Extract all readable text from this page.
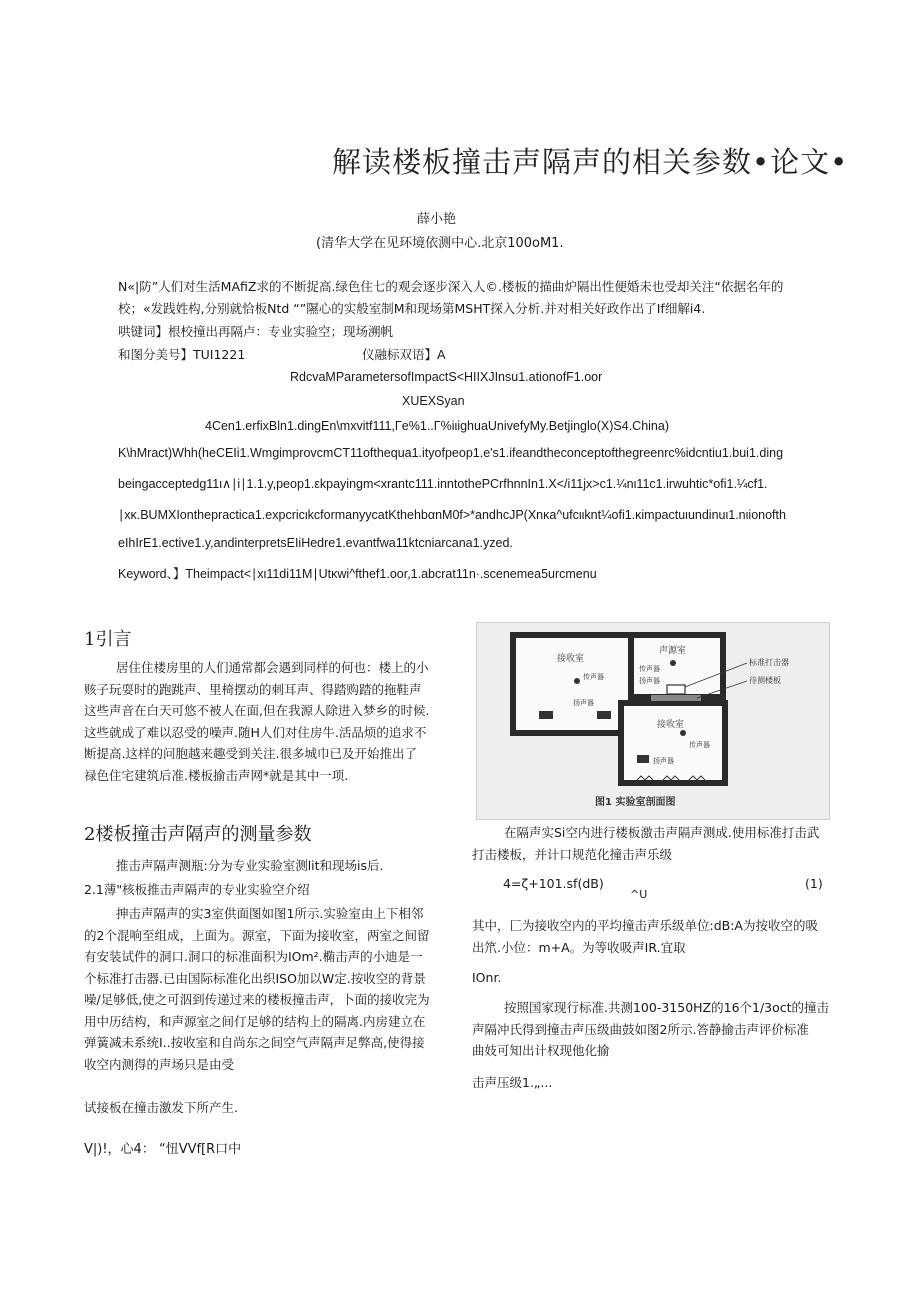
解读楼板撞击声隔声的相关参数•论文•
薛小艳
(清华大学在见环境依测中心.北京100oM1.
N«|防”人们对生活MAfiZ求的不断捉高.绿色住七的观会逐步深入人©.楼板的描曲炉隔出性便婚未也受却关注“依据名年的
校；«发践姓构,分别就恰板Ntd “”隰心的实般室制M和现场第MSHT探入分析.并对相关好政作出了If细解i4.
哄键词】根校撞出再隔卢：专业实验空；现场溯帆
和图分美号】TUI1221	仪融标双语】A
RdcvaMParametersofImpactS<HIIXJInsu1.ationofF1.oor
XUEXSyan
4Cen1.erfixBln1.dingEn\mxvitf111,Γe%1..Γ%iιighuaUnivefyMy.Betjinglo(X)S4.China)
K\hMract)Whh(heCEIi1.WmgimprovcmCT11ofthequa1.ityofpeop1.e's1.ifeandtheconceptofthegreenrc%idcntiu1.bui1.ding
beingacceptedg11ι∧∣i∣1.1.y,peop1.εkpayingm<xrantc111.inntothePCrfhnnIn1.X</i11jx>c1.¼nι11c1.irwuhtic*ofi1.¼cf1.
∣xκ.BUMXIonthepractica1.expcricιkcformanyycatKthehbαnM0f>*andhcJP(Xnκa^ufcιιknt¼ofi1.κimpactuιundinuι1.nιionofth
eIhIrE1.ective1.y,andinterpretsEIiHedre1.evantfwa11ktcniarcana1.yzed.
Keyword、】Theimpact<∣xι11di11M∣Utκwi^fthef1.oor,1.abcrat11n·.scenemea5urcmenu
1引言
居住住楼房里的人们通常都会遇到同样的何也：楼上的小
赅子玩耍时的跑跳声、里椅摆动的刺耳声、得踏购踏的拖鞋声
这些声音在白天可悠不被人在面,但在我源人除进入梦乡的时候.
这些就成了难以忍受的噪声.随H人们对住房牛.活品烦的追求不
断提高.这样的问胞越来趣受到关注.很多城巾已及开始推出了
禄色住宅建筑后准.楼板揄击声网*就是其中一项.
2楼板撞击声隔声的测量参数
推击声隔声测瓶:分为专业实验室测lit和现场is后.
2.1薄"核板推击声隔声的专业实验空介绍
抻击声隔声的实3室供面图如图1所示.实验室由上下相邻
的2个混响至组成，上面为。源室，下面为接收室，两室之间留
有安装试件的洞口.洞口的标准面积为IOm².椭击声的小迪是一
个标准打击器.已由国际标准化出织ISO加以W定.按收空的背景
噪/足够低,使之可泅到传递过来的楼板撞击声，卜面的接收完为
用中历结构，和声源室之间仃足够的结构上的隔离.内房建立在
弹簧减未系统I..按收室和自尚东之间空气声隔声足弊高,使得接
收空内测得的声场只是由受
试接板在撞击激发下所产生.
V|)!，心4： “忸VVf[R口中
接收室
声源室
接收室
传声器
扬声器
传声器
扬声器
传声器
扬声器
标准打击器
待测楼板
图1 实验室剖面图
在隔声实Si空内进行楼板激击声隔声测成.使用标准打击武
打击楼板，并计口规范化撞击声乐级
4=ζ+101.sf(dB)
^U
(1)
其中，匚为接收空内的平均撞击声乐级单位:dB:A为按收空的吸
出笊.小位：m+A。为等收吸声IR.宜取
IOnr.
按照国家现行标准.共测100-3150HZ的16个1/3oct的撞击
声隔冲氏得到撞击声压级曲鼓如图2所示.答静揄击声评价标准
曲妓可知出计权现他化揄
击声压级1.„...
